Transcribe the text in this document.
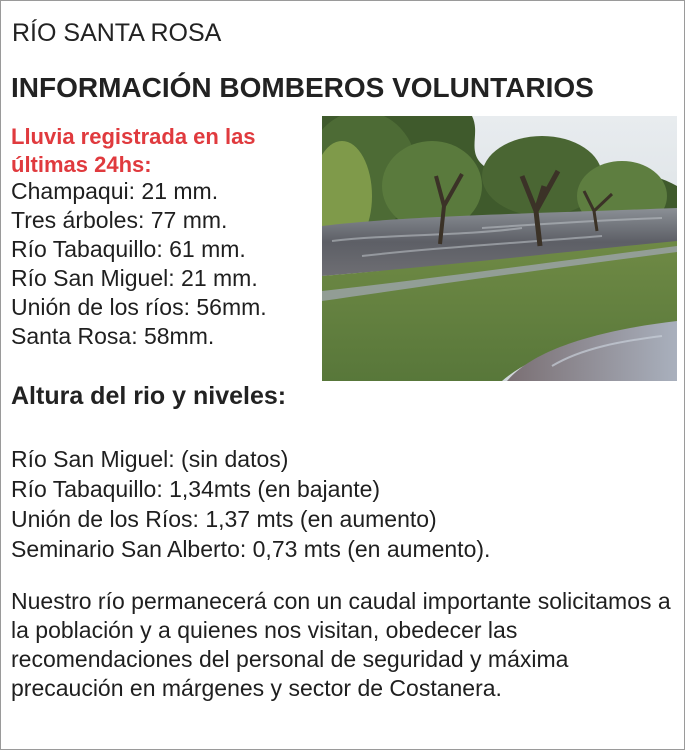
RÍO SANTA ROSA

INFORMACIÓN BOMBEROS VOLUNTARIOS

Lluvia registrada en las últimas 24hs:

Champaqui: 21 mm.
Tres árboles: 77 mm.
Río Tabaquillo: 61 mm.
Río San Miguel: 21 mm.
Unión de los ríos: 56mm.
Santa Rosa: 58mm.

Altura del rio y niveles:

Río San Miguel: (sin datos)
Río Tabaquillo: 1,34mts (en bajante)
Unión de los Ríos: 1,37 mts (en aumento)
Seminario San Alberto: 0,73 mts (en aumento).

Nuestro río permanecerá con un caudal importante solicitamos a la población y a quienes nos visitan, obedecer las recomendaciones del personal de seguridad y máxima precaución en márgenes y sector de Costanera.
